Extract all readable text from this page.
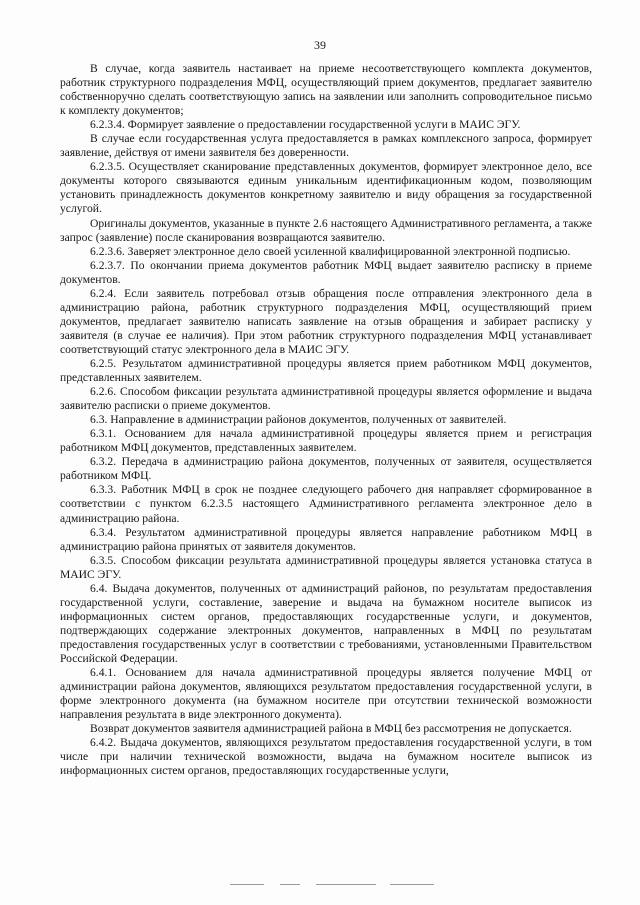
39

В случае, когда заявитель настаивает на приеме несоответствующего комплекта документов, работник структурного подразделения МФЦ, осуществляющий прием документов, предлагает заявителю собственноручно сделать соответствующую запись на заявлении или заполнить сопроводительное письмо к комплекту документов;

6.2.3.4. Формирует заявление о предоставлении государственной услуги в МАИС ЭГУ.

В случае если государственная услуга предоставляется в рамках комплексного запроса, формирует заявление, действуя от имени заявителя без доверенности.

6.2.3.5. Осуществляет сканирование представленных документов, формирует электронное дело, все документы которого связываются единым уникальным идентификационным кодом, позволяющим установить принадлежность документов конкретному заявителю и виду обращения за государственной услугой.

Оригиналы документов, указанные в пункте 2.6 настоящего Административного регламента, а также запрос (заявление) после сканирования возвращаются заявителю.

6.2.3.6. Заверяет электронное дело своей усиленной квалифицированной электронной подписью.

6.2.3.7. По окончании приема документов работник МФЦ выдает заявителю расписку в приеме документов.

6.2.4. Если заявитель потребовал отзыв обращения после отправления электронного дела в администрацию района, работник структурного подразделения МФЦ, осуществляющий прием документов, предлагает заявителю написать заявление на отзыв обращения и забирает расписку у заявителя (в случае ее наличия). При этом работник структурного подразделения МФЦ устанавливает соответствующий статус электронного дела в МАИС ЭГУ.

6.2.5. Результатом административной процедуры является прием работником МФЦ документов, представленных заявителем.

6.2.6. Способом фиксации результата административной процедуры является оформление и выдача заявителю расписки о приеме документов.

6.3. Направление в администрации районов документов, полученных от заявителей.

6.3.1. Основанием для начала административной процедуры является прием и регистрация работником МФЦ документов, представленных заявителем.

6.3.2. Передача в администрацию района документов, полученных от заявителя, осуществляется работником МФЦ.

6.3.3. Работник МФЦ в срок не позднее следующего рабочего дня направляет сформированное в соответствии с пунктом 6.2.3.5 настоящего Административного регламента электронное дело в администрацию района.

6.3.4. Результатом административной процедуры является направление работником МФЦ в администрацию района принятых от заявителя документов.

6.3.5. Способом фиксации результата административной процедуры является установка статуса в МАИС ЭГУ.

6.4. Выдача документов, полученных от администраций районов, по результатам предоставления государственной услуги, составление, заверение и выдача на бумажном носителе выписок из информационных систем органов, предоставляющих государственные услуги, и документов, подтверждающих содержание электронных документов, направленных в МФЦ по результатам предоставления государственных услуг в соответствии с требованиями, установленными Правительством Российской Федерации.

6.4.1. Основанием для начала административной процедуры является получение МФЦ от администрации района документов, являющихся результатом предоставления государственной услуги, в форме электронного документа (на бумажном носителе при отсутствии технической возможности направления результата в виде электронного документа).

Возврат документов заявителя администрацией района в МФЦ без рассмотрения не допускается.

6.4.2. Выдача документов, являющихся результатом предоставления государственной услуги, в том числе при наличии технической возможности, выдача на бумажном носителе выписок из информационных систем органов, предоставляющих государственные услуги,
